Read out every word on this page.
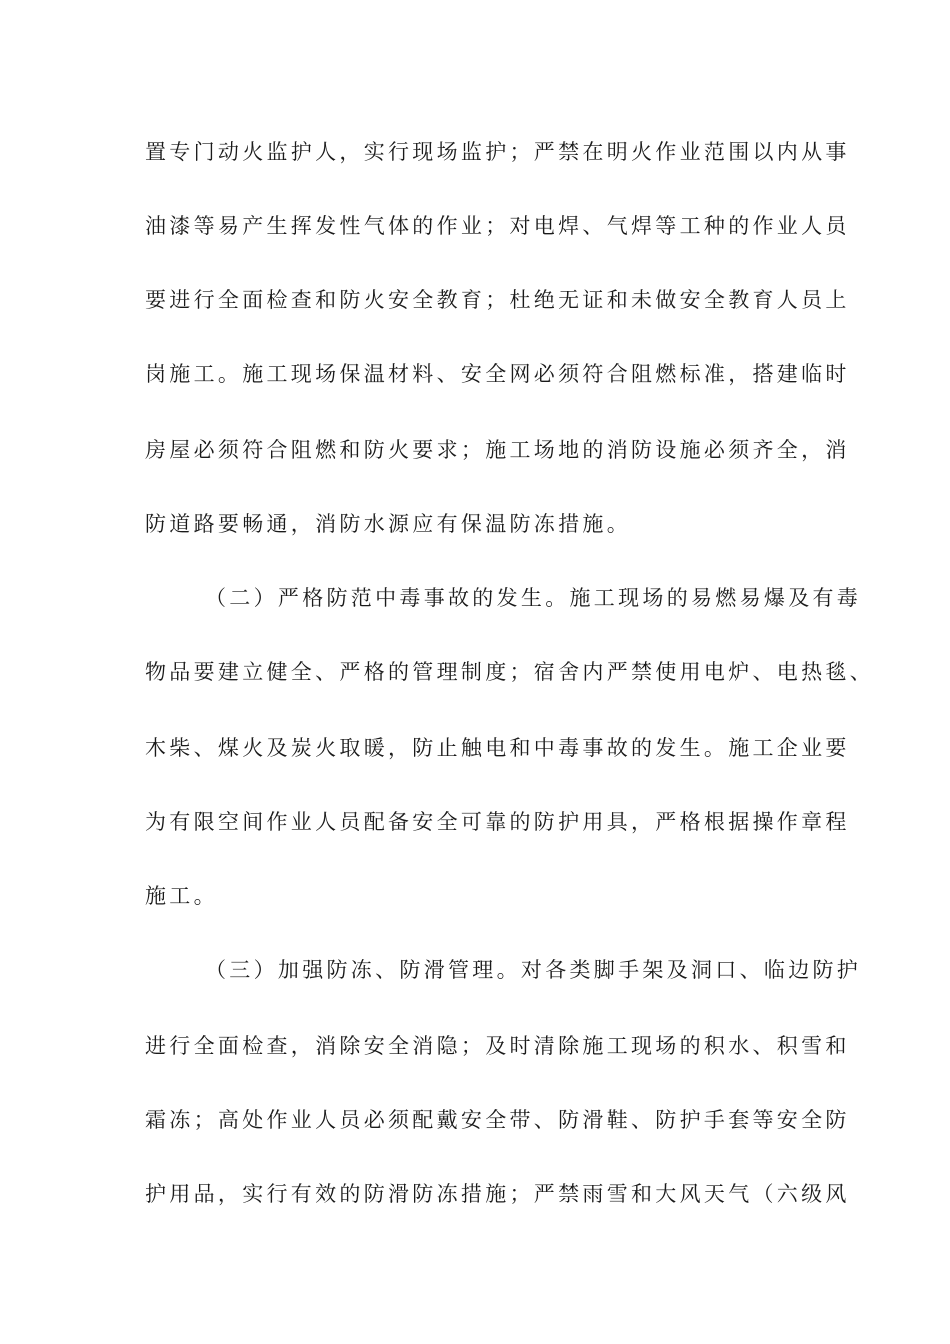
置专门动火监护人，实行现场监护；严禁在明火作业范围以内从事
油漆等易产生挥发性气体的作业；对电焊、气焊等工种的作业人员
要进行全面检查和防火安全教育；杜绝无证和未做安全教育人员上
岗施工。施工现场保温材料、安全网必须符合阻燃标准，搭建临时
房屋必须符合阻燃和防火要求；施工场地的消防设施必须齐全，消
防道路要畅通，消防水源应有保温防冻措施。
（二）严格防范中毒事故的发生。施工现场的易燃易爆及有毒
物品要建立健全、严格的管理制度；宿舍内严禁使用电炉、电热毯、
木柴、煤火及炭火取暖，防止触电和中毒事故的发生。施工企业要
为有限空间作业人员配备安全可靠的防护用具，严格根据操作章程
施工。
（三）加强防冻、防滑管理。对各类脚手架及洞口、临边防护
进行全面检查，消除安全消隐；及时清除施工现场的积水、积雪和
霜冻；高处作业人员必须配戴安全带、防滑鞋、防护手套等安全防
护用品，实行有效的防滑防冻措施；严禁雨雪和大风天气（六级风
